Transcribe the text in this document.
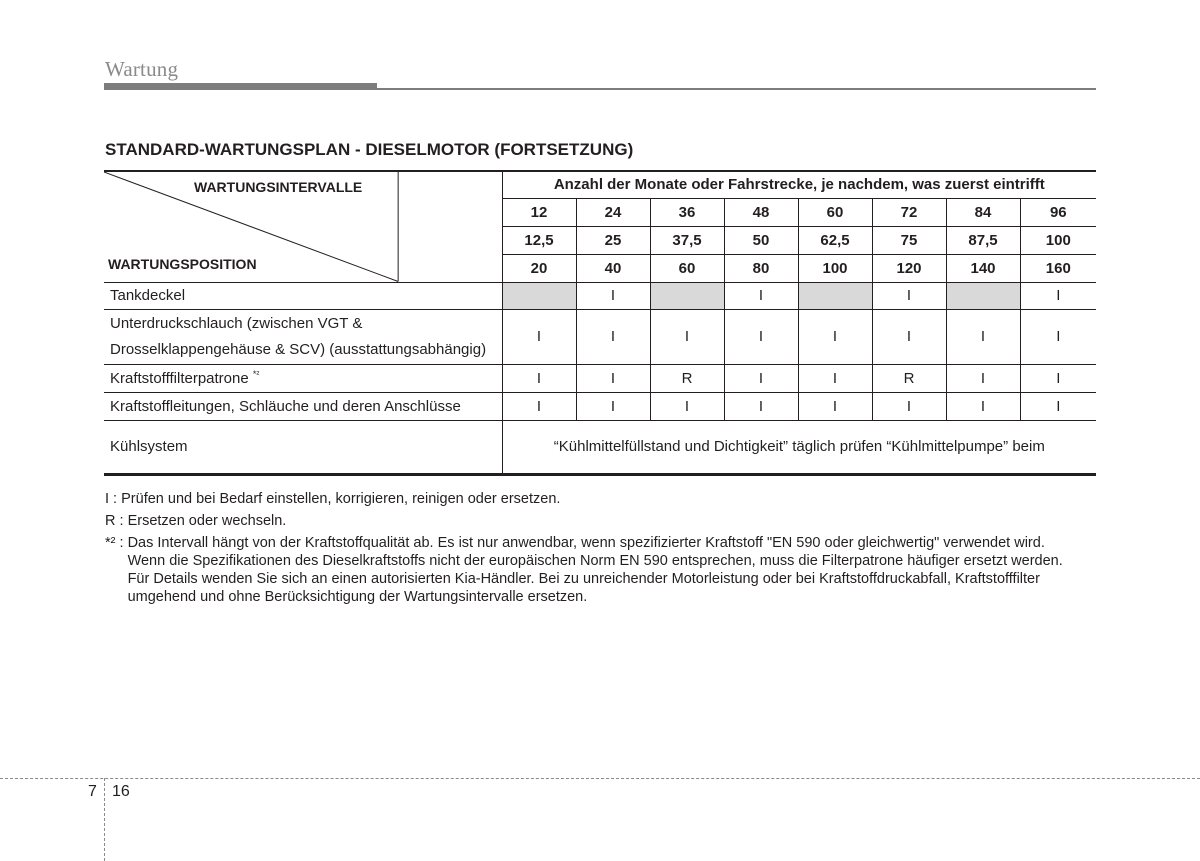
Wartung
STANDARD-WARTUNGSPLAN - DIESELMOTOR (FORTSETZUNG)
WARTUNGSINTERVALLE
WARTUNGSPOSITION	Anzahl der Monate oder Fahrstrecke, je nachdem, was zuerst eintrifft							
	12	24	36	48	60	72	84	96
	12,5	25	37,5	50	62,5	75	87,5	100
	20	40	60	80	100	120	140	160
Tankdeckel		I		I		I		I

Unterdruckschlauch (zwischen VGT &
Drosselklappengehäuse & SCV) (ausstattungsabhängig)	I	I	I	I	I	I	I	I
Kraftstofffilterpatrone $^{*^2}$	I	I	R	I	I	R	I	I
Kraftstoffleitungen, Schläuche und deren Anschlüsse	I	I	I	I	I	I	I	I
Kühlsystem	“Kühlmittelfüllstand und Dichtigkeit” täglich prüfen “Kühlmittelpumpe” beim							
I : Prüfen und bei Bedarf einstellen, korrigieren, reinigen oder ersetzen.
R : Ersetzen oder wechseln.
*² : Das Intervall hängt von der Kraftstoffqualität ab. Es ist nur anwendbar, wenn spezifizierter Kraftstoff "EN 590 oder gleichwertig" verwendet wird. Wenn die Spezifikationen des Dieselkraftstoffs nicht der europäischen Norm EN 590 entsprechen, muss die Filterpatrone häufiger ersetzt werden. Für Details wenden Sie sich an einen autorisierten Kia-Händler. Bei zu unreichender Motorleistung oder bei Kraftstoffdruckabfall, Kraftstofffilter umgehend und ohne Berücksichtigung der Wartungsintervalle ersetzen.
7 16
